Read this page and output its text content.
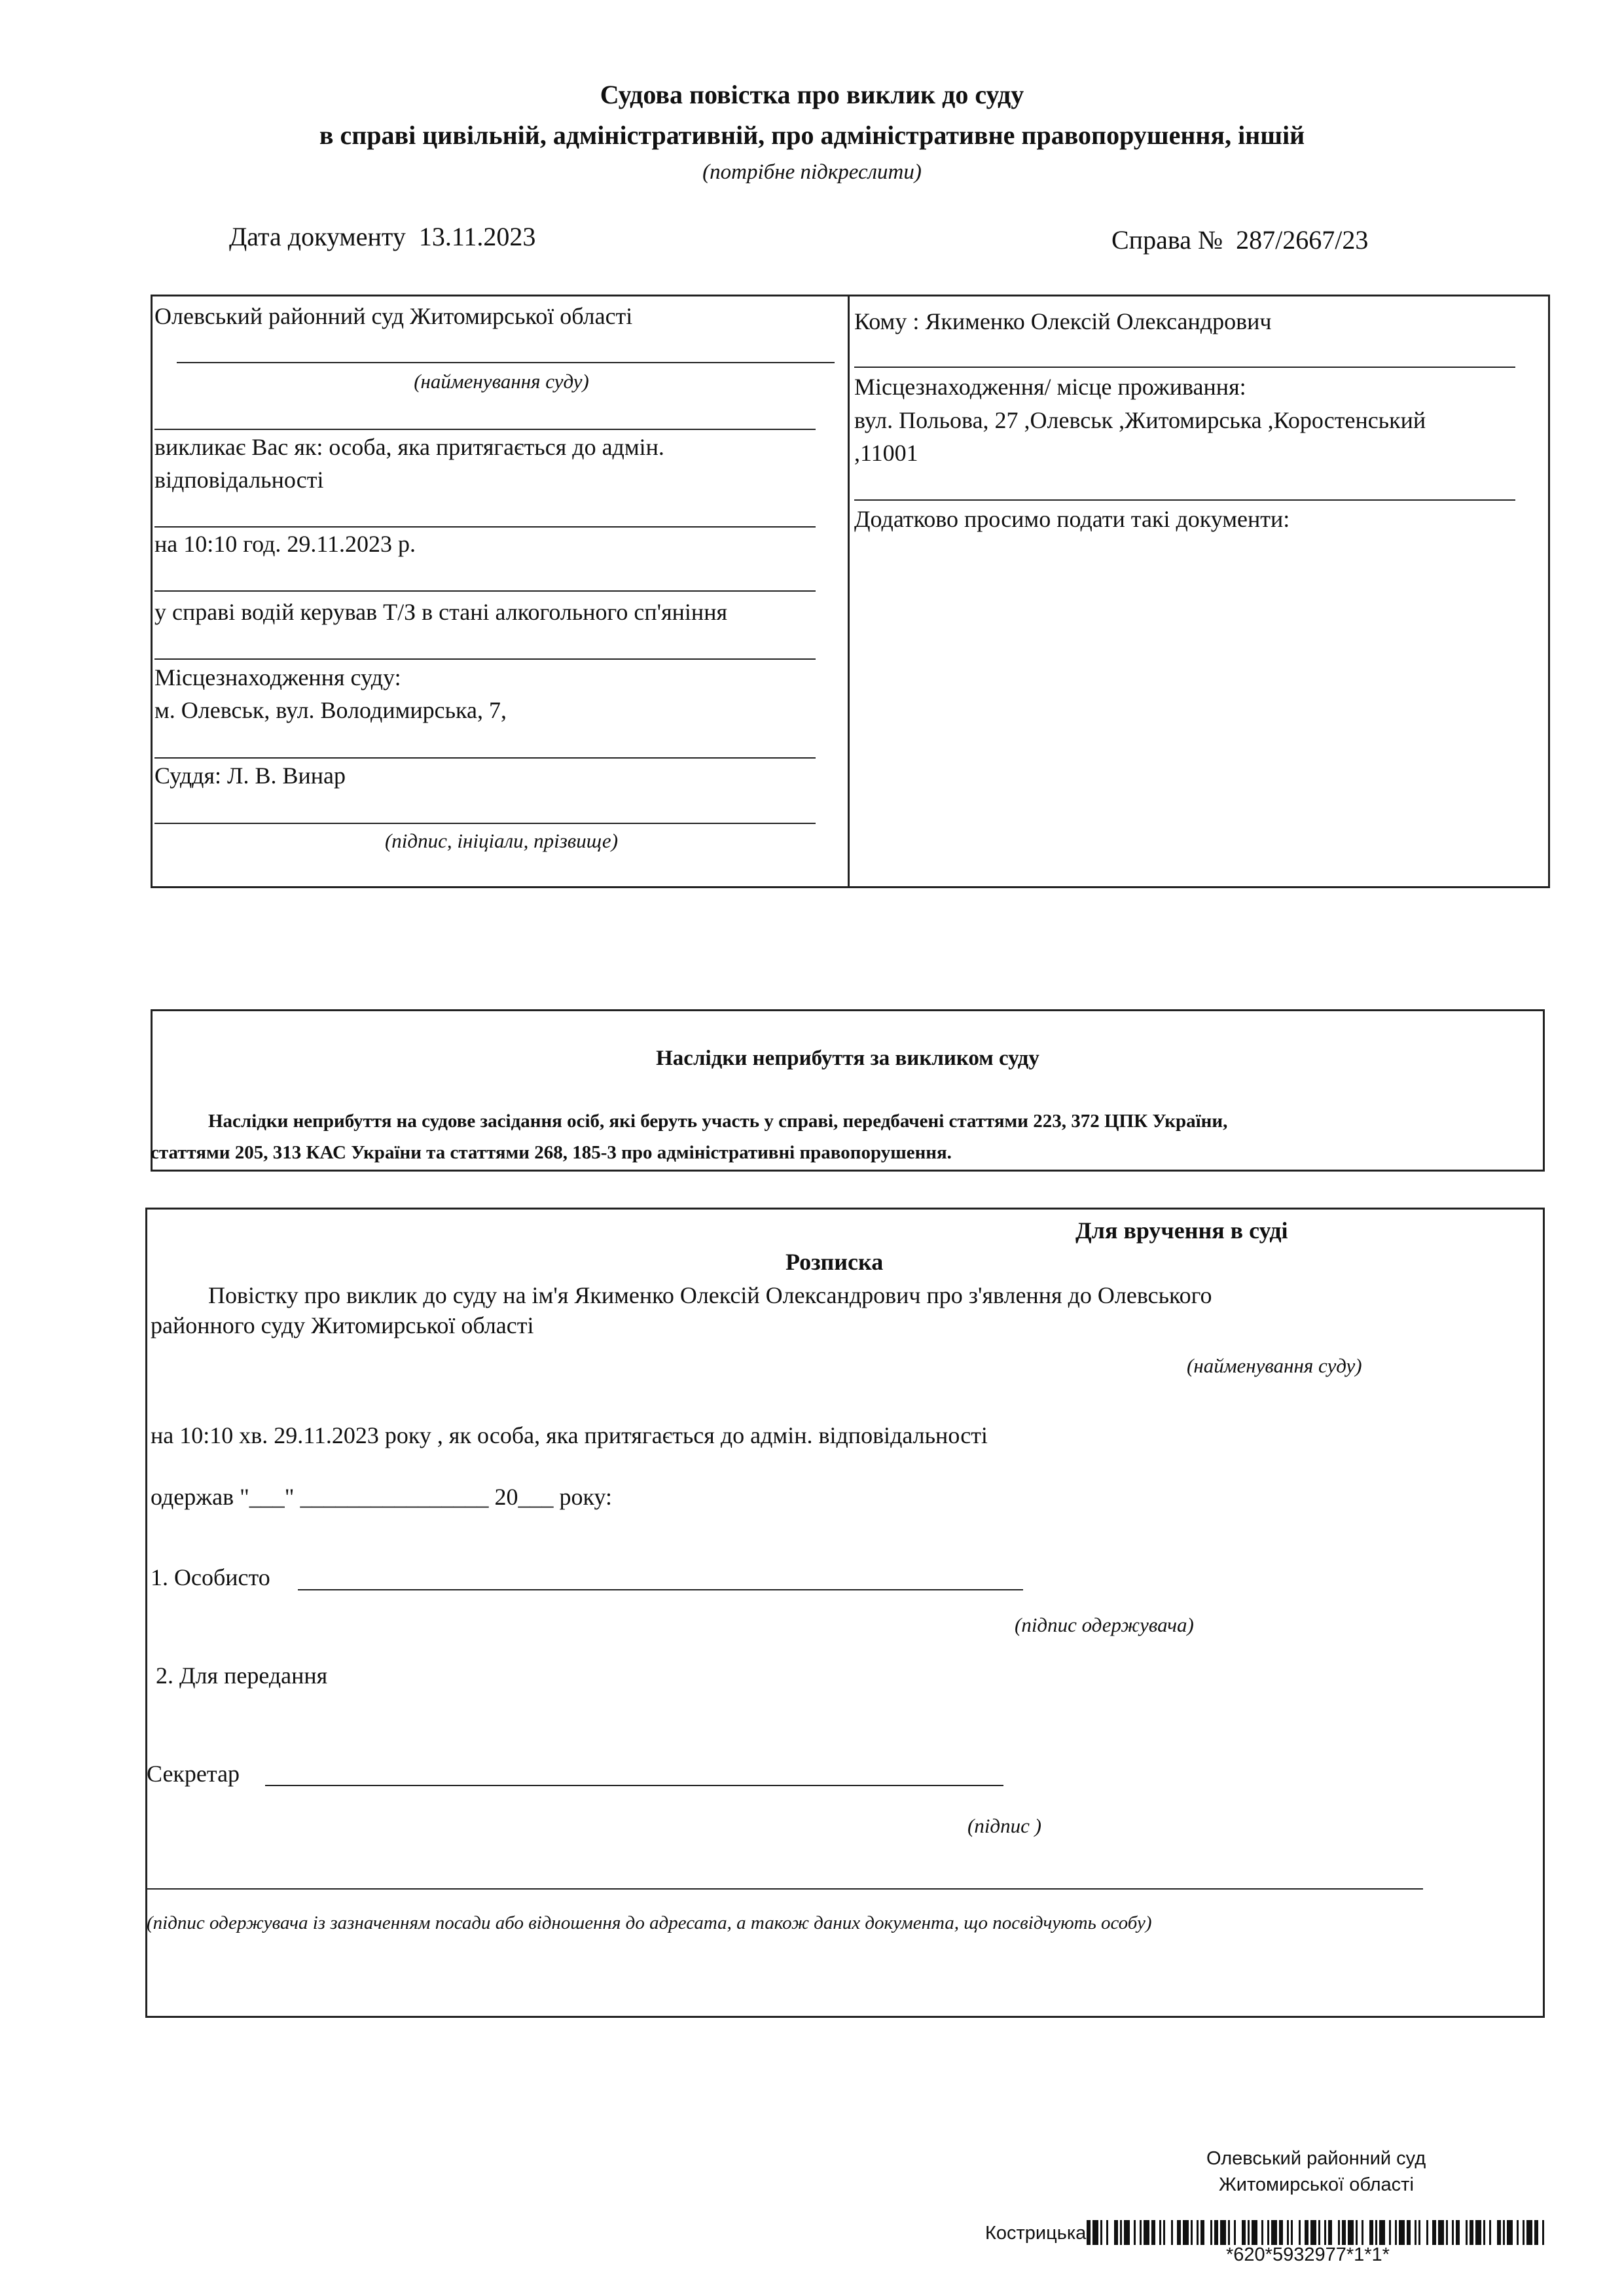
Судова повістка про виклик до суду
в справі цивільній, адміністративній, про адміністративне правопорушення, іншій
(потрібне підкреслити)
Дата документу 13.11.2023	Справа № 287/2667/23
Олевський районний суд Житомирської області
(найменування суду)
викликає Вас як: особа, яка притягається до адмін. відповідальності
на 10:10 год. 29.11.2023 р.
у справі водій керував Т/З в стані алкогольного сп'яніння
Місцезнаходження суду:
м. Олевськ, вул. Володимирська, 7,
Суддя: Л. В. Винар
(підпис, ініціали, прізвище)
Кому : Якименко Олексій Олександрович
Місцезнаходження/ місце проживання:
вул. Польова, 27 ,Олевськ ,Житомирська ,Коростенський
,11001
Додатково просимо подати такі документи:
Наслідки неприбуття за викликом суду
Наслідки неприбуття на судове засідання осіб, які беруть участь у справі, передбачені статтями 223, 372 ЦПК України,
статтями 205, 313 КАС України та статтями 268, 185-3 про адміністративні правопорушення.
Для вручення в суді
Розписка
Повістку про виклик до суду на ім'я Якименко Олексій Олександрович про з'явлення до Олевського
районного суду Житомирської області
(найменування суду)
на 10:10 хв. 29.11.2023 року , як особа, яка притягається до адмін. відповідальності
одержав "___" ________________ 20___ року:
1. Особисто
(підпис одержувача)
2. Для передання
Секретар
(підпис )
(підпис одержувача із зазначенням посади або відношення до адресата, а також даних документа, що посвідчують особу)
Олевський районний суд
Житомирської області
Кострицька
*620*5932977*1*1*
